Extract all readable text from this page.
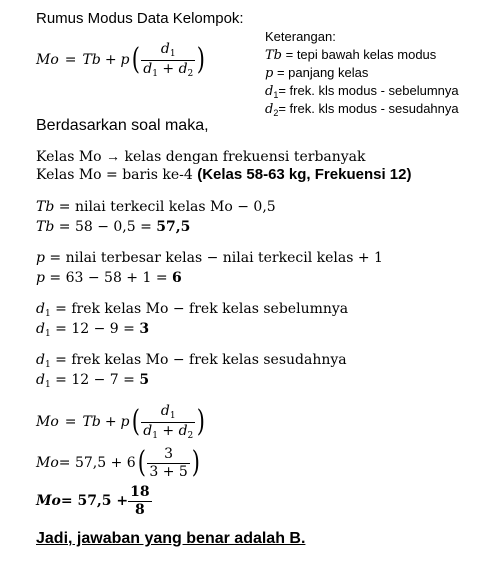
Rumus Modus Data Kelompok:
Mo = Tb + p ( $\frac{d_1}{d_1 + d_2}$ )
Keterangan:
Tb = tepi bawah kelas modus
p = panjang kelas
$d_1=$ frek. kls modus - sebelumnya
$d_2=$ frek. kls modus - sesudahnya
Berdasarkan soal maka,
Kelas Mo → kelas dengan frekuensi terbanyak
Kelas Mo = baris ke-4 (Kelas 58-63 kg, Frekuensi 12)
Tb = nilai terkecil kelas Mo − 0,5
Tb = 58 − 0,5 = 57,5
p = nilai terbesar kelas − nilai terkecil kelas + 1
p = 63 − 58 + 1 = 6
$d_1$ = frek kelas Mo − frek kelas sebelumnya
$d_1 = 12 - 9 = 3$
$d_1$ = frek kelas Mo − frek kelas sesudahnya
$d_1 = 12 - 7 = 5$
Mo = Tb + p ( $\frac{d_1}{d_1 + d_2}$ )
Mo = 57,5 + 6 ( $\frac{3}{3 + 5}$ )
$Mo = 57,5 + \frac{18}{8}$
Jadi, jawaban yang benar adalah B.
